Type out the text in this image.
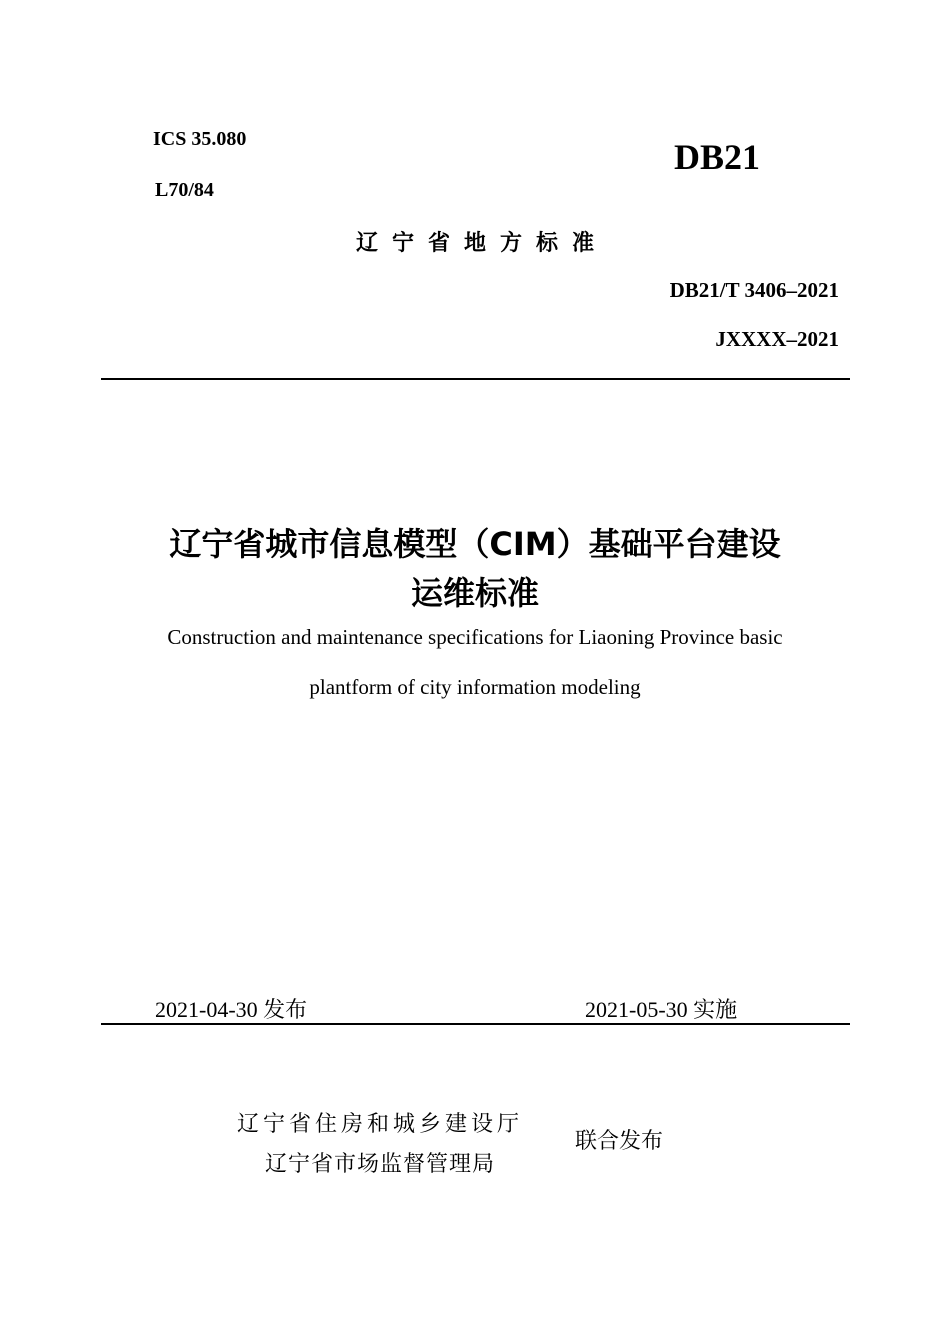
ICS 35.080
L70/84
DB21
辽宁省地方标准
DB21/T 3406–2021
JXXXX–2021
辽宁省城市信息模型（CIM）基础平台建设
运维标准
Construction and maintenance specifications for Liaoning Province basic
plantform of city information modeling
2021-04-30 发布	2021-05-30 实施
辽宁省住房和城乡建设厅
辽宁省市场监督管理局
联合发布
